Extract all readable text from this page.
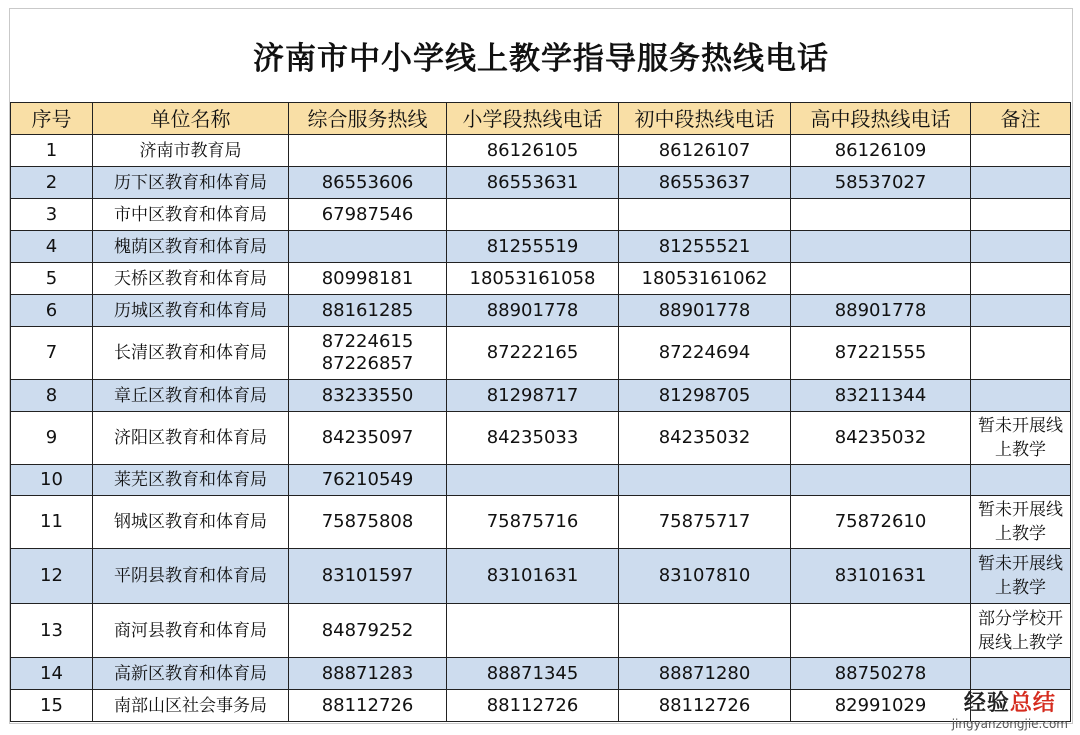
济南市中小学线上教学指导服务热线电话
序号	单位名称	综合服务热线	小学段热线电话	初中段热线电话	高中段热线电话	备注
1	济南市教育局		86126105	86126107	86126109	
2	历下区教育和体育局	86553606	86553631	86553637	58537027	
3	市中区教育和体育局	67987546				
4	槐荫区教育和体育局		81255519	81255521		
5	天桥区教育和体育局	80998181	18053161058	18053161062		
6	历城区教育和体育局	88161285	88901778	88901778	88901778	
7	长清区教育和体育局	87224615
87226857	87222165	87224694	87221555	
8	章丘区教育和体育局	83233550	81298717	81298705	83211344	
9	济阳区教育和体育局	84235097	84235033	84235032	84235032	暂未开展线
上教学
10	莱芜区教育和体育局	76210549				
11	钢城区教育和体育局	75875808	75875716	75875717	75872610	暂未开展线
上教学
12	平阴县教育和体育局	83101597	83101631	83107810	83101631	暂未开展线
上教学
13	商河县教育和体育局	84879252				部分学校开
展线上教学
14	高新区教育和体育局	88871283	88871345	88871280	88750278	
15	南部山区社会事务局	88112726	88112726	88112726	82991029		经验总结
jingyanzongjie.com
